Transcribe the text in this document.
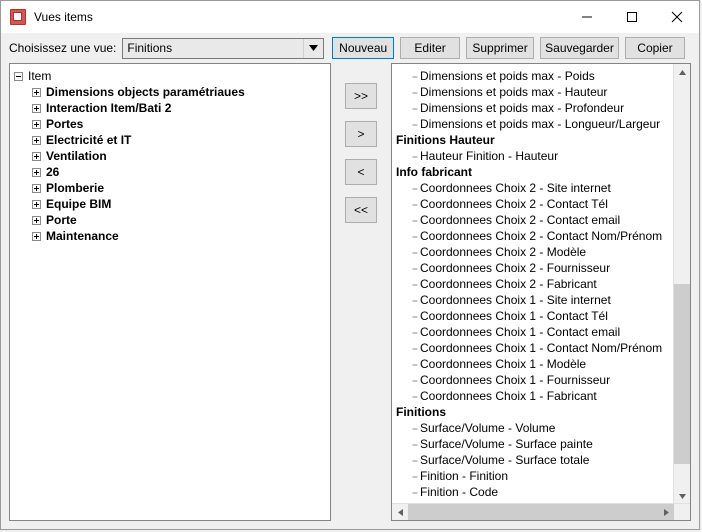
Vues items
Choisissez une vue: Finitions	Nouveau	Editer	Supprimer	Sauvegarder	Copier
Item
Dimensions objects paramétriaues
Interaction Item/Bati 2
Portes
Electricité et IT
Ventilation
26
Plomberie
Equipe BIM
Porte
Maintenance
>>
>
<
<<
-- Dimensions et poids max - Poids
-- Dimensions et poids max - Hauteur
-- Dimensions et poids max - Profondeur
-- Dimensions et poids max - Longueur/Largeur
Finitions Hauteur
-- Hauteur Finition - Hauteur
Info fabricant
-- Coordonnees Choix 2 - Site internet
-- Coordonnees Choix 2 - Contact Tél
-- Coordonnees Choix 2 - Contact email
-- Coordonnees Choix 2 - Contact Nom/Prénom
-- Coordonnees Choix 2 - Modèle
-- Coordonnees Choix 2 - Fournisseur
-- Coordonnees Choix 2 - Fabricant
-- Coordonnees Choix 1 - Site internet
-- Coordonnees Choix 1 - Contact Tél
-- Coordonnees Choix 1 - Contact email
-- Coordonnees Choix 1 - Contact Nom/Prénom
-- Coordonnees Choix 1 - Modèle
-- Coordonnees Choix 1 - Fournisseur
-- Coordonnees Choix 1 - Fabricant
Finitions
-- Surface/Volume - Volume
-- Surface/Volume - Surface painte
-- Surface/Volume - Surface totale
-- Finition - Finition
-- Finition - Code
--
